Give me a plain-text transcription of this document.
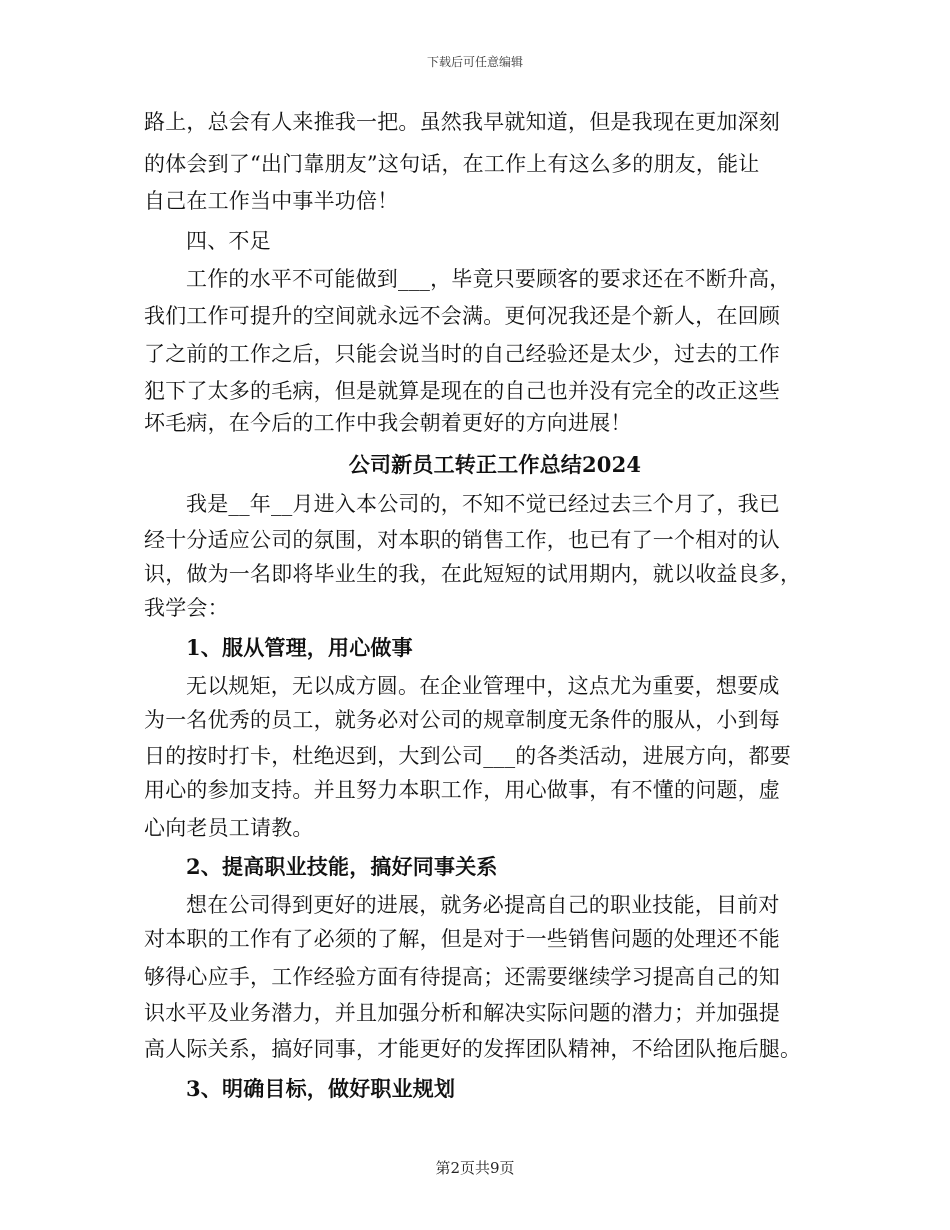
下载后可任意编辑
路上，总会有人来推我一把。虽然我早就知道，但是我现在更加深刻
的体会到了“出门靠朋友”这句话，在工作上有这么多的朋友，能让
自己在工作当中事半功倍！
四、不足
工作的水平不可能做到___，毕竟只要顾客的要求还在不断升高，
我们工作可提升的空间就永远不会满。更何况我还是个新人，在回顾
了之前的工作之后，只能会说当时的自己经验还是太少，过去的工作
犯下了太多的毛病，但是就算是现在的自己也并没有完全的改正这些
坏毛病，在今后的工作中我会朝着更好的方向进展！
公司新员工转正工作总结2024
我是__年__月进入本公司的，不知不觉已经过去三个月了，我已
经十分适应公司的氛围，对本职的销售工作，也已有了一个相对的认
识，做为一名即将毕业生的我，在此短短的试用期内，就以收益良多，
我学会：
1、服从管理，用心做事
无以规矩，无以成方圆。在企业管理中，这点尤为重要，想要成
为一名优秀的员工，就务必对公司的规章制度无条件的服从，小到每
日的按时打卡，杜绝迟到，大到公司___的各类活动，进展方向，都要
用心的参加支持。并且努力本职工作，用心做事，有不懂的问题，虚
心向老员工请教。
2、提高职业技能，搞好同事关系
想在公司得到更好的进展，就务必提高自己的职业技能，目前对
对本职的工作有了必须的了解，但是对于一些销售问题的处理还不能
够得心应手，工作经验方面有待提高；还需要继续学习提高自己的知
识水平及业务潜力，并且加强分析和解决实际问题的潜力；并加强提
高人际关系，搞好同事，才能更好的发挥团队精神，不给团队拖后腿。
3、明确目标，做好职业规划
第2页共9页
